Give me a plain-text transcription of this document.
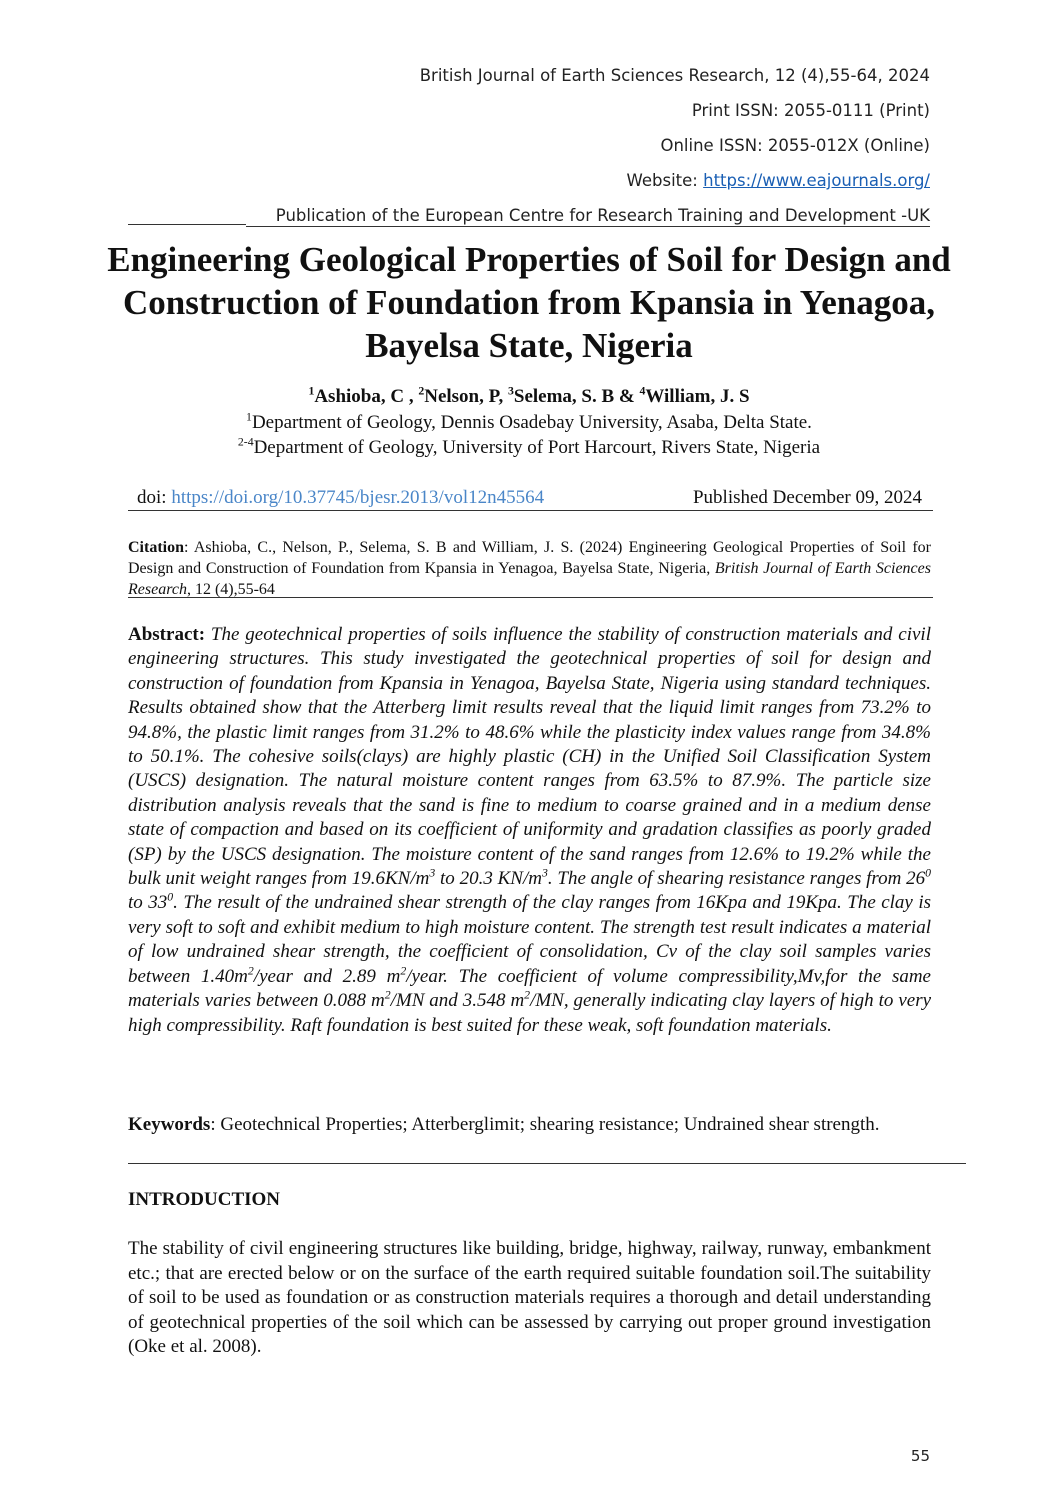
British Journal of Earth Sciences Research, 12 (4),55-64, 2024
Print ISSN: 2055-0111 (Print)
Online ISSN: 2055-012X (Online)
Website: https://www.eajournals.org/
Publication of the European Centre for Research Training and Development -UK
Engineering Geological Properties of Soil for Design and Construction of Foundation from Kpansia in Yenagoa, Bayelsa State, Nigeria
$^1$Ashioba, C , $^2$Nelson, P, $^3$Selema, S. B & $^4$William, J. S
$^1$Department of Geology, Dennis Osadebay University, Asaba, Delta State.
$^{2-4}$Department of Geology, University of Port Harcourt, Rivers State, Nigeria
doi: https://doi.org/10.37745/bjesr.2013/vol12n45564	Published December 09, 2024
Citation: Ashioba, C., Nelson, P., Selema, S. B and William, J. S. (2024) Engineering Geological Properties of Soil for Design and Construction of Foundation from Kpansia in Yenagoa, Bayelsa State, Nigeria, British Journal of Earth Sciences Research, 12 (4),55-64
Abstract: The geotechnical properties of soils influence the stability of construction materials and civil engineering structures. This study investigated the geotechnical properties of soil for design and construction of foundation from Kpansia in Yenagoa, Bayelsa State, Nigeria using standard techniques. Results obtained show that the Atterberg limit results reveal that the liquid limit ranges from 73.2% to 94.8%, the plastic limit ranges from 31.2% to 48.6% while the plasticity index values range from 34.8% to 50.1%. The cohesive soils(clays) are highly plastic (CH) in the Unified Soil Classification System (USCS) designation. The natural moisture content ranges from 63.5% to 87.9%. The particle size distribution analysis reveals that the sand is fine to medium to coarse grained and in a medium dense state of compaction and based on its coefficient of uniformity and gradation classifies as poorly graded (SP) by the USCS designation. The moisture content of the sand ranges from 12.6% to 19.2% while the bulk unit weight ranges from $19.6KN/m^3$ to 20.3 $KN/m^3$. The angle of shearing resistance ranges from $26^0$ to $33^0$. The result of the undrained shear strength of the clay ranges from 16Kpa and 19Kpa. The clay is very soft to soft and exhibit medium to high moisture content. The strength test result indicates a material of low undrained shear strength, the coefficient of consolidation, Cv of the clay soil samples varies between $1.40m^2$/year and 2.89 $m^2$/year. The coefficient of volume compressibility,Mv,for the same materials varies between 0.088 $m^2/MN$ and 3.548 $m^2/MN$, generally indicating clay layers of high to very high compressibility. Raft foundation is best suited for these weak, soft foundation materials.
Keywords: Geotechnical Properties; Atterberglimit; shearing resistance; Undrained shear strength.
INTRODUCTION
The stability of civil engineering structures like building, bridge, highway, railway, runway, embankment etc.; that are erected below or on the surface of the earth required suitable foundation soil.The suitability of soil to be used as foundation or as construction materials requires a thorough and detail understanding of geotechnical properties of the soil which can be assessed by carrying out proper ground investigation (Oke et al. 2008).
55
